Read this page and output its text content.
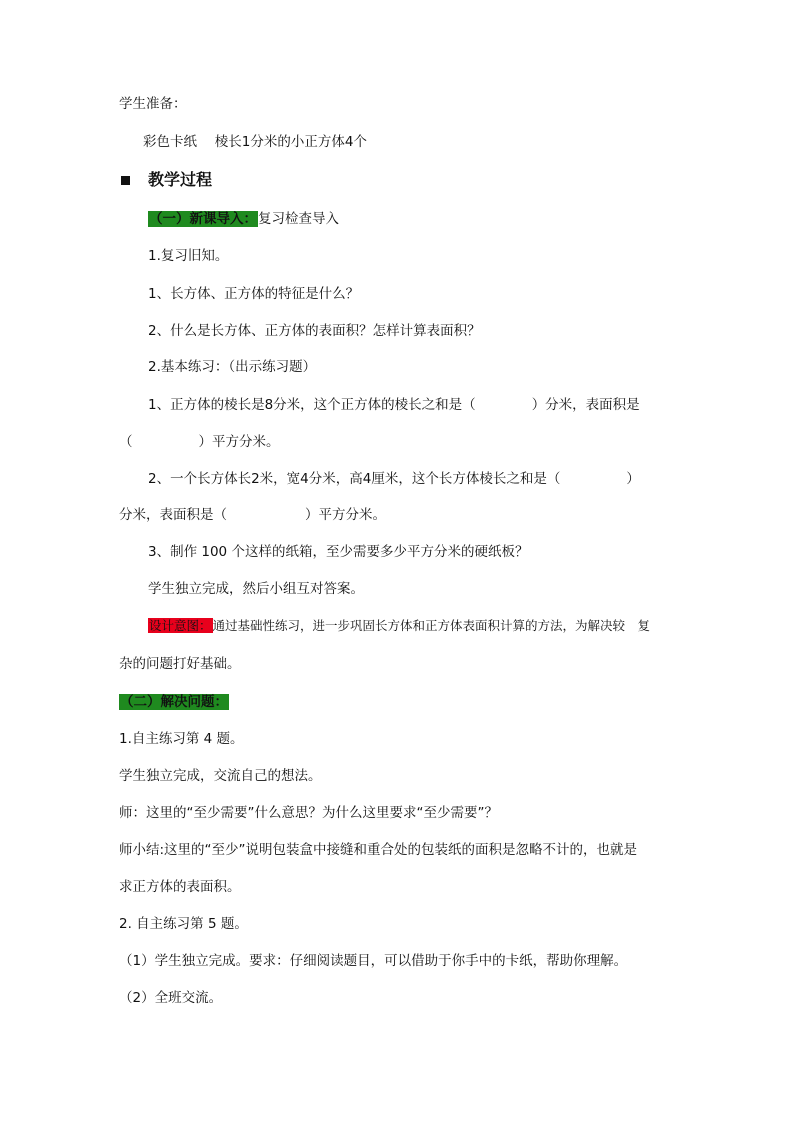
学生准备：
彩色卡纸　 棱长1分米的小正方体4个
教学过程
（一）新课导入：复习检查导入
1.复习旧知。
1、长方体、正方体的特征是什么？
2、什么是长方体、正方体的表面积？怎样计算表面积？
2.基本练习：（出示练习题）
1、正方体的棱长是8分米，这个正方体的棱长之和是（	）分米，表面积是
（	）平方分米。
2、一个长方体长2米，宽4分米，高4厘米，这个长方体棱长之和是（	）
分米，表面积是（	）平方分米。
3、制作 100 个这样的纸箱，至少需要多少平方分米的硬纸板？
学生独立完成，然后小组互对答案。
设计意图：通过基础性练习，进一步巩固长方体和正方体表面积计算的方法，为解决较　复
杂的问题打好基础。
（二）解决问题：
1.自主练习第 4 题。
学生独立完成，交流自己的想法。
师：这里的“至少需要”什么意思？为什么这里要求“至少需要”？
师小结:这里的“至少”说明包装盒中接缝和重合处的包装纸的面积是忽略不计的，也就是
求正方体的表面积。
2. 自主练习第 5 题。
（1）学生独立完成。要求：仔细阅读题目，可以借助于你手中的卡纸，帮助你理解。
（2）全班交流。
